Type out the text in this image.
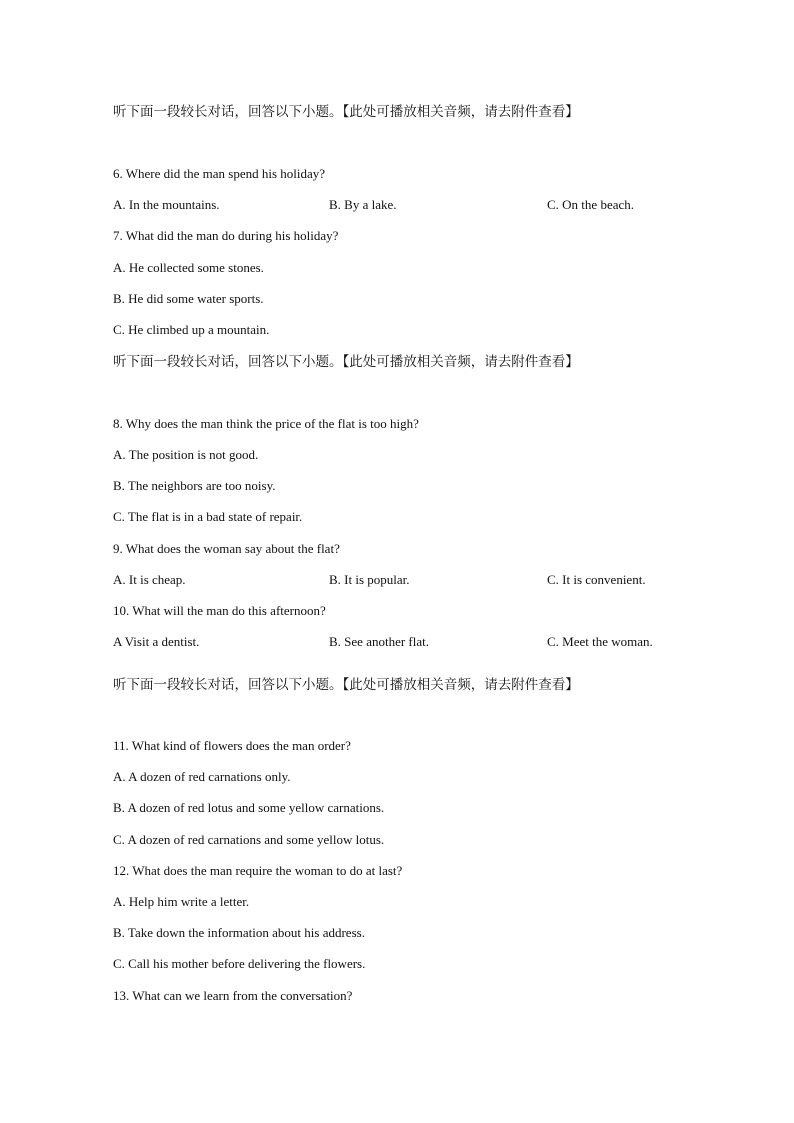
听下面一段较长对话，回答以下小题。【此处可播放相关音频，请去附件查看】
6. Where did the man spend his holiday?
A. In the mountains.	B. By a lake.	C. On the beach.
7. What did the man do during his holiday?
A. He collected some stones.
B. He did some water sports.
C. He climbed up a mountain.
听下面一段较长对话，回答以下小题。【此处可播放相关音频，请去附件查看】
8. Why does the man think the price of the flat is too high?
A. The position is not good.
B. The neighbors are too noisy.
C. The flat is in a bad state of repair.
9. What does the woman say about the flat?
A. It is cheap.	B. It is popular.	C. It is convenient.
10. What will the man do this afternoon?
A Visit a dentist.	B. See another flat.	C. Meet the woman.
听下面一段较长对话，回答以下小题。【此处可播放相关音频，请去附件查看】
11. What kind of flowers does the man order?
A. A dozen of red carnations only.
B. A dozen of red lotus and some yellow carnations.
C. A dozen of red carnations and some yellow lotus.
12. What does the man require the woman to do at last?
A. Help him write a letter.
B. Take down the information about his address.
C. Call his mother before delivering the flowers.
13. What can we learn from the conversation?
